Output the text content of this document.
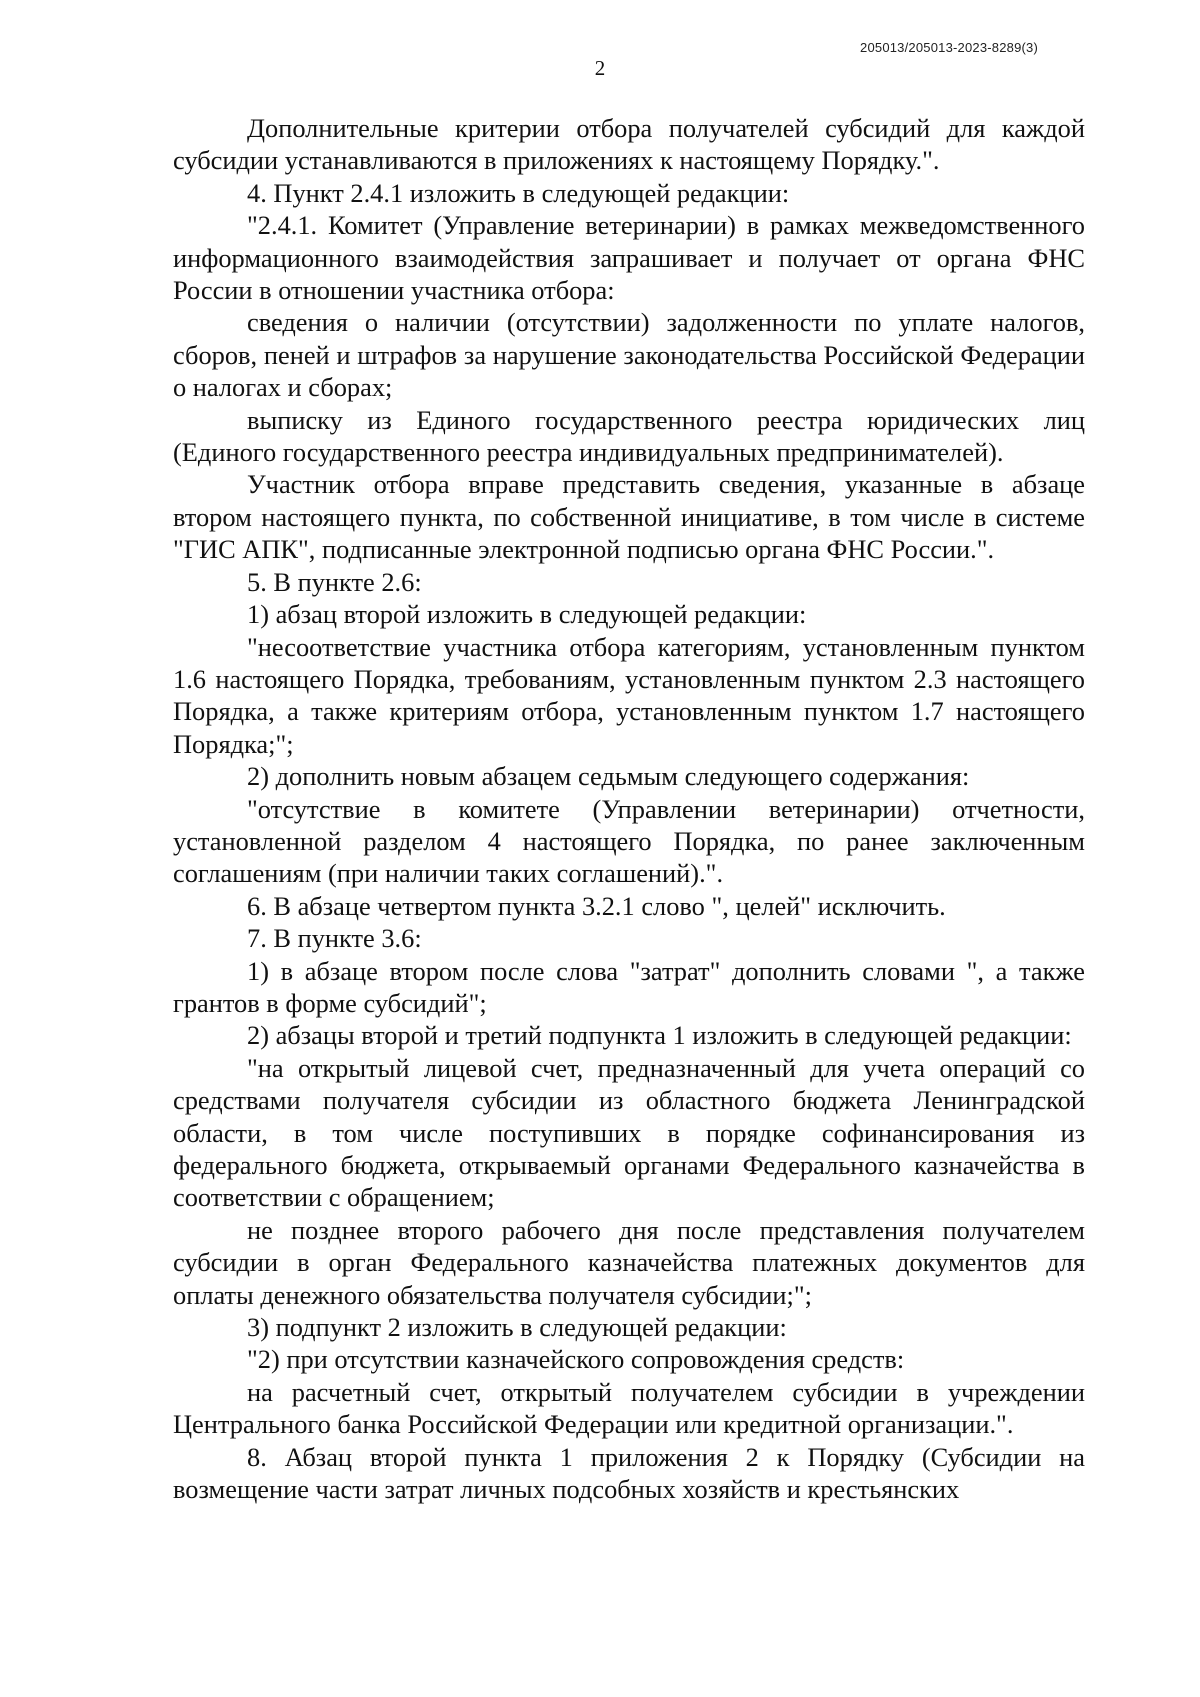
205013/205013-2023-8289(3)
2

Дополнительные критерии отбора получателей субсидий для каждой субсидии устанавливаются в приложениях к настоящему Порядку.".

4. Пункт 2.4.1 изложить в следующей редакции:

"2.4.1. Комитет (Управление ветеринарии) в рамках межведомственного информационного взаимодействия запрашивает и получает от органа ФНС России в отношении участника отбора:

сведения о наличии (отсутствии) задолженности по уплате налогов, сборов, пеней и штрафов за нарушение законодательства Российской Федерации о налогах и сборах;

выписку из Единого государственного реестра юридических лиц (Единого государственного реестра индивидуальных предпринимателей).

Участник отбора вправе представить сведения, указанные в абзаце втором настоящего пункта, по собственной инициативе, в том числе в системе "ГИС АПК", подписанные электронной подписью органа ФНС России.".

5. В пункте 2.6:

1) абзац второй изложить в следующей редакции:

"несоответствие участника отбора категориям, установленным пунктом 1.6 настоящего Порядка, требованиям, установленным пунктом 2.3 настоящего Порядка, а также критериям отбора, установленным пунктом 1.7 настоящего Порядка;";

2) дополнить новым абзацем седьмым следующего содержания:

"отсутствие в комитете (Управлении ветеринарии) отчетности, установленной разделом 4 настоящего Порядка, по ранее заключенным соглашениям (при наличии таких соглашений).".

6. В абзаце четвертом пункта 3.2.1 слово ", целей" исключить.

7. В пункте 3.6:

1) в абзаце втором после слова "затрат" дополнить словами ", а также грантов в форме субсидий";

2) абзацы второй и третий подпункта 1 изложить в следующей редакции:

"на открытый лицевой счет, предназначенный для учета операций со средствами получателя субсидии из областного бюджета Ленинградской области, в том числе поступивших в порядке софинансирования из федерального бюджета, открываемый органами Федерального казначейства в соответствии с обращением;

не позднее второго рабочего дня после представления получателем субсидии в орган Федерального казначейства платежных документов для оплаты денежного обязательства получателя субсидии;";

3) подпункт 2 изложить в следующей редакции:

"2) при отсутствии казначейского сопровождения средств:

на расчетный счет, открытый получателем субсидии в учреждении Центрального банка Российской Федерации или кредитной организации.".

8. Абзац второй пункта 1 приложения 2 к Порядку (Субсидии на возмещение части затрат личных подсобных хозяйств и крестьянских
